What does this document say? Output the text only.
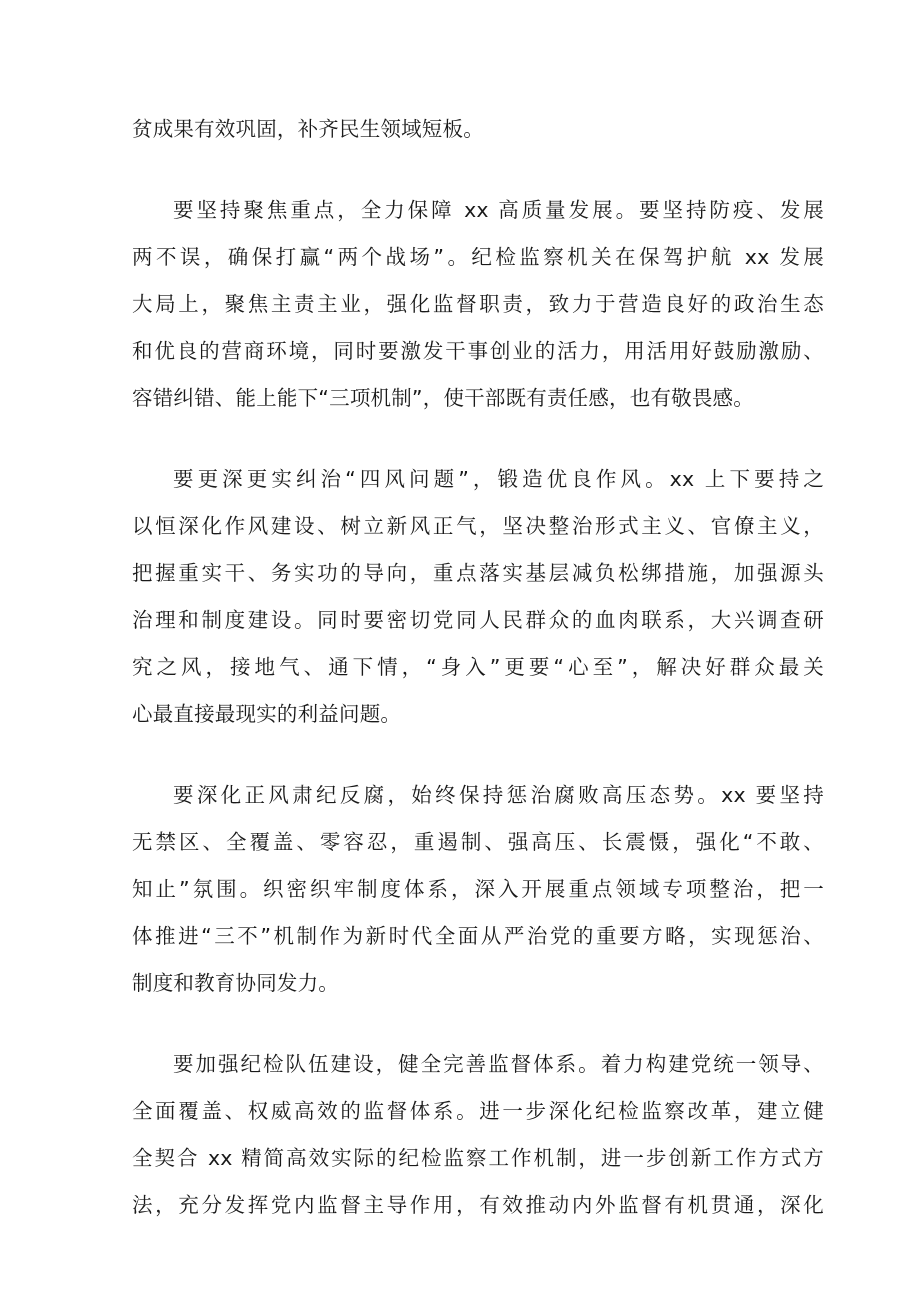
贫成果有效巩固，补齐民生领域短板。
要坚持聚焦重点，全力保障 xx 高质量发展。要坚持防疫、发展
两不误，确保打赢“两个战场”。纪检监察机关在保驾护航 xx 发展
大局上，聚焦主责主业，强化监督职责，致力于营造良好的政治生态
和优良的营商环境，同时要激发干事创业的活力，用活用好鼓励激励、
容错纠错、能上能下“三项机制”，使干部既有责任感，也有敬畏感。
要更深更实纠治“四风问题”，锻造优良作风。xx 上下要持之
以恒深化作风建设、树立新风正气，坚决整治形式主义、官僚主义，
把握重实干、务实功的导向，重点落实基层减负松绑措施，加强源头
治理和制度建设。同时要密切党同人民群众的血肉联系，大兴调查研
究之风，接地气、通下情，“身入”更要“心至”，解决好群众最关
心最直接最现实的利益问题。
要深化正风肃纪反腐，始终保持惩治腐败高压态势。xx 要坚持
无禁区、全覆盖、零容忍，重遏制、强高压、长震慑，强化“不敢、
知止”氛围。织密织牢制度体系，深入开展重点领域专项整治，把一
体推进“三不”机制作为新时代全面从严治党的重要方略，实现惩治、
制度和教育协同发力。
要加强纪检队伍建设，健全完善监督体系。着力构建党统一领导、
全面覆盖、权威高效的监督体系。进一步深化纪检监察改革，建立健
全契合 xx 精简高效实际的纪检监察工作机制，进一步创新工作方式方
法，充分发挥党内监督主导作用，有效推动内外监督有机贯通，深化
